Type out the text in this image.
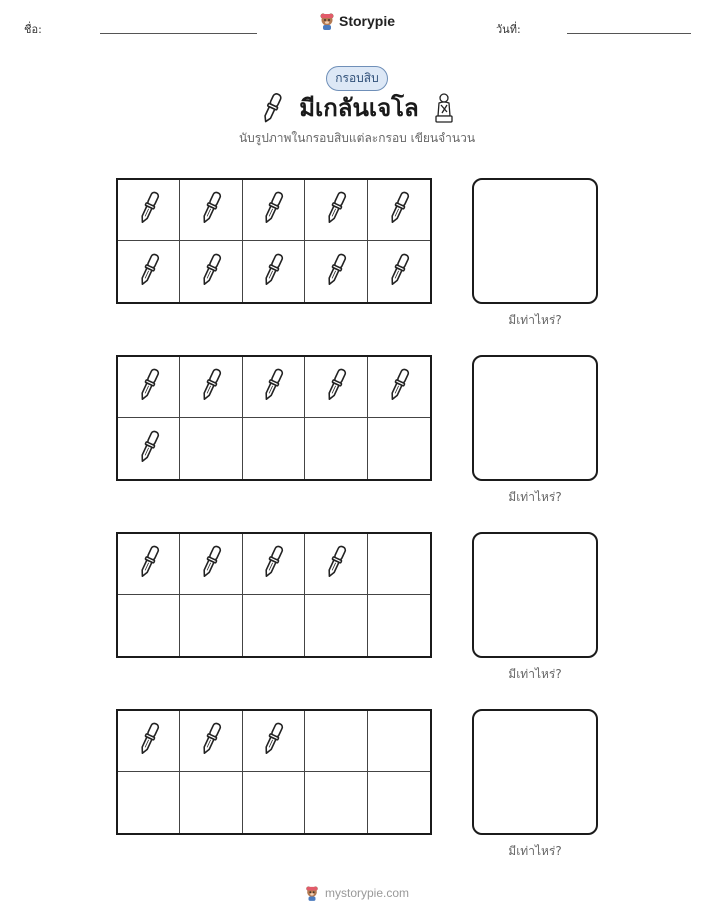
ชื่อ:
Storypie
วันที่:
กรอบสิบ
มีเกลันเจโล
นับรูปภาพในกรอบสิบแต่ละกรอบ เขียนจำนวน
มีเท่าไหร่?
มีเท่าไหร่?
มีเท่าไหร่?
มีเท่าไหร่?
mystorypie.com
